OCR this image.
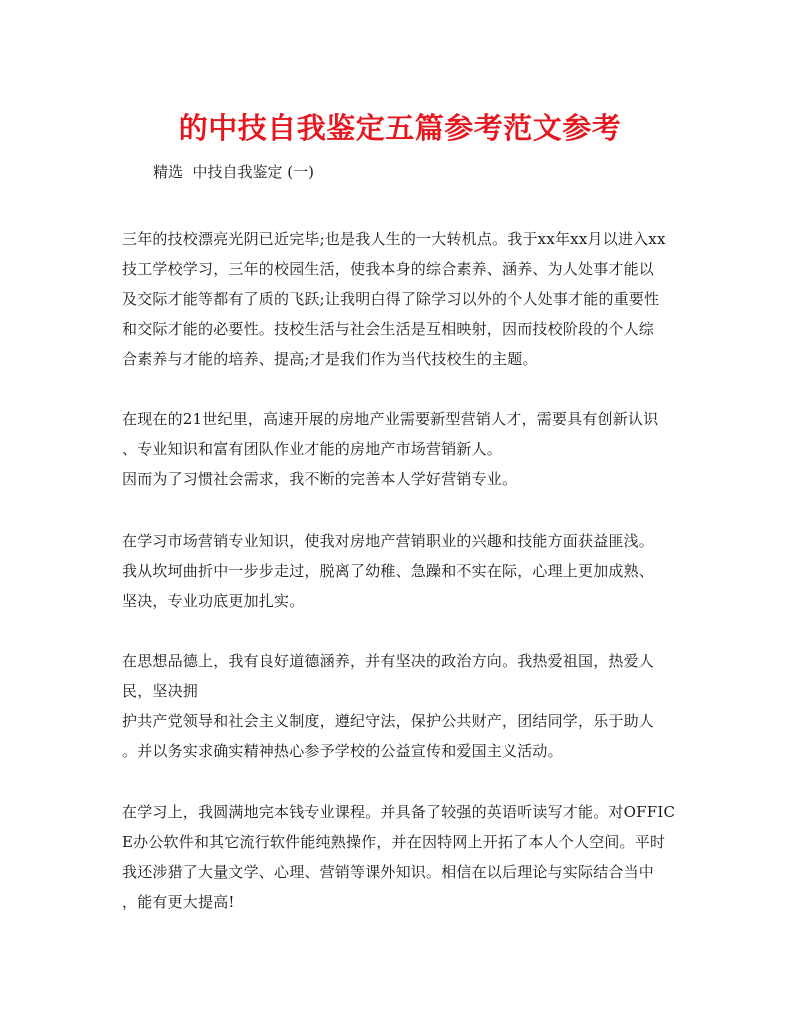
的中技自我鉴定五篇参考范文参考
精选  中技自我鉴定 (一)
三年的技校漂亮光阴已近完毕;也是我人生的一大转机点。我于xx年xx月以进入xx
技工学校学习，三年的校园生活，使我本身的综合素养、涵养、为人处事才能以
及交际才能等都有了质的飞跃;让我明白得了除学习以外的个人处事才能的重要性
和交际才能的必要性。技校生活与社会生活是互相映射，因而技校阶段的个人综
合素养与才能的培养、提高;才是我们作为当代技校生的主题。
在现在的21世纪里，高速开展的房地产业需要新型营销人才，需要具有创新认识
、专业知识和富有团队作业才能的房地产市场营销新人。
因而为了习惯社会需求，我不断的完善本人学好营销专业。
在学习市场营销专业知识，使我对房地产营销职业的兴趣和技能方面获益匪浅。
我从坎坷曲折中一步步走过，脱离了幼稚、急躁和不实在际，心理上更加成熟、
坚决，专业功底更加扎实。
在思想品德上，我有良好道德涵养，并有坚决的政治方向。我热爱祖国，热爱人
民，坚决拥
护共产党领导和社会主义制度，遵纪守法，保护公共财产，团结同学，乐于助人
。并以务实求确实精神热心参予学校的公益宣传和爱国主义活动。
在学习上，我圆满地完本钱专业课程。并具备了较强的英语听读写才能。对OFFIC
E办公软件和其它流行软件能纯熟操作，并在因特网上开拓了本人个人空间。平时
我还涉猎了大量文学、心理、营销等课外知识。相信在以后理论与实际结合当中
，能有更大提高!
